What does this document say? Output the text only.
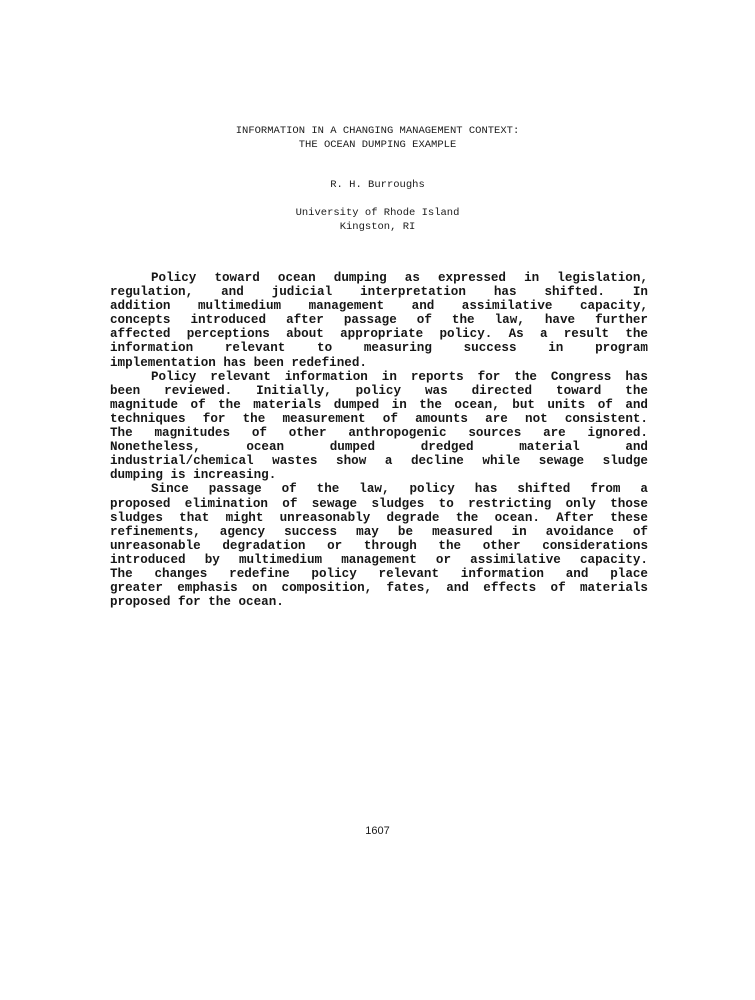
INFORMATION IN A CHANGING MANAGEMENT CONTEXT:
THE OCEAN DUMPING EXAMPLE
R. H. Burroughs
University of Rhode Island
Kingston, RI
Policy toward ocean dumping as expressed in legislation,
regulation, and judicial interpretation has shifted. In
addition multimedium management and assimilative capacity,
concepts introduced after passage of the law, have further
affected perceptions about appropriate policy. As a result the
information relevant to measuring success in program
implementation has been redefined.
Policy relevant information in reports for the Congress has
been reviewed. Initially, policy was directed toward the
magnitude of the materials dumped in the ocean, but units of and
techniques for the measurement of amounts are not consistent.
The magnitudes of other anthropogenic sources are ignored.
Nonetheless, ocean dumped dredged material and
industrial/chemical wastes show a decline while sewage sludge
dumping is increasing.
Since passage of the law, policy has shifted from a
proposed elimination of sewage sludges to restricting only those
sludges that might unreasonably degrade the ocean. After these
refinements, agency success may be measured in avoidance of
unreasonable degradation or through the other considerations
introduced by multimedium management or assimilative capacity.
The changes redefine policy relevant information and place
greater emphasis on composition, fates, and effects of materials
proposed for the ocean.
1607
